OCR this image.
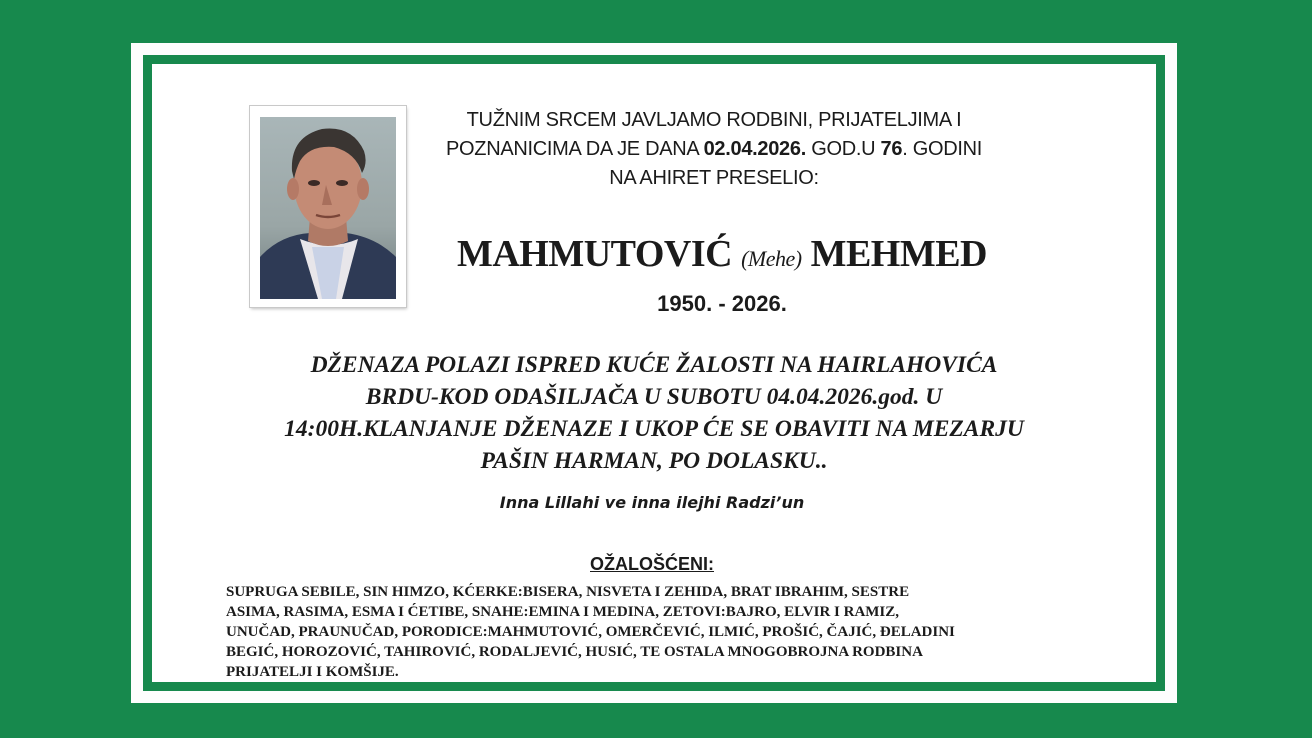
TUŽNIM SRCEM JAVLJAMO RODBINI, PRIJATELJIMA I
POZNANICIMA DA JE DANA 02.04.2026. GOD.U 76. GODINI
NA AHIRET PRESELIO:
MAHMUTOVIĆ (Mehe) MEHMED
1950. - 2026.
DŽENAZA POLAZI ISPRED KUĆE ŽALOSTI NA HAIRLAHOVIĆA
BRDU-KOD ODAŠILJAČA U SUBOTU 04.04.2026.god. U
14:00H.KLANJANJE DŽENAZE I UKOP ĆE SE OBAVITI NA MEZARJU
PAŠIN HARMAN, PO DOLASKU..
Inna Lillahi ve inna ilejhi Radzi’un
OŽALOŠĆENI:
SUPRUGA SEBILE, SIN HIMZO, KĆERKE:BISERA, NISVETA I ZEHIDA, BRAT IBRAHIM, SESTRE
ASIMA, RASIMA, ESMA I ĆETIBE, SNAHE:EMINA I MEDINA, ZETOVI:BAJRO, ELVIR I RAMIZ,
UNUČAD, PRAUNUČAD, PORODICE:MAHMUTOVIĆ, OMERČEVIĆ, ILMIĆ, PROŠIĆ, ČAJIĆ, ĐELADINI
BEGIĆ, HOROZOVIĆ, TAHIROVIĆ, RODALJEVIĆ, HUSIĆ, TE OSTALA MNOGOBROJNA RODBINA
PRIJATELJI I KOMŠIJE.
